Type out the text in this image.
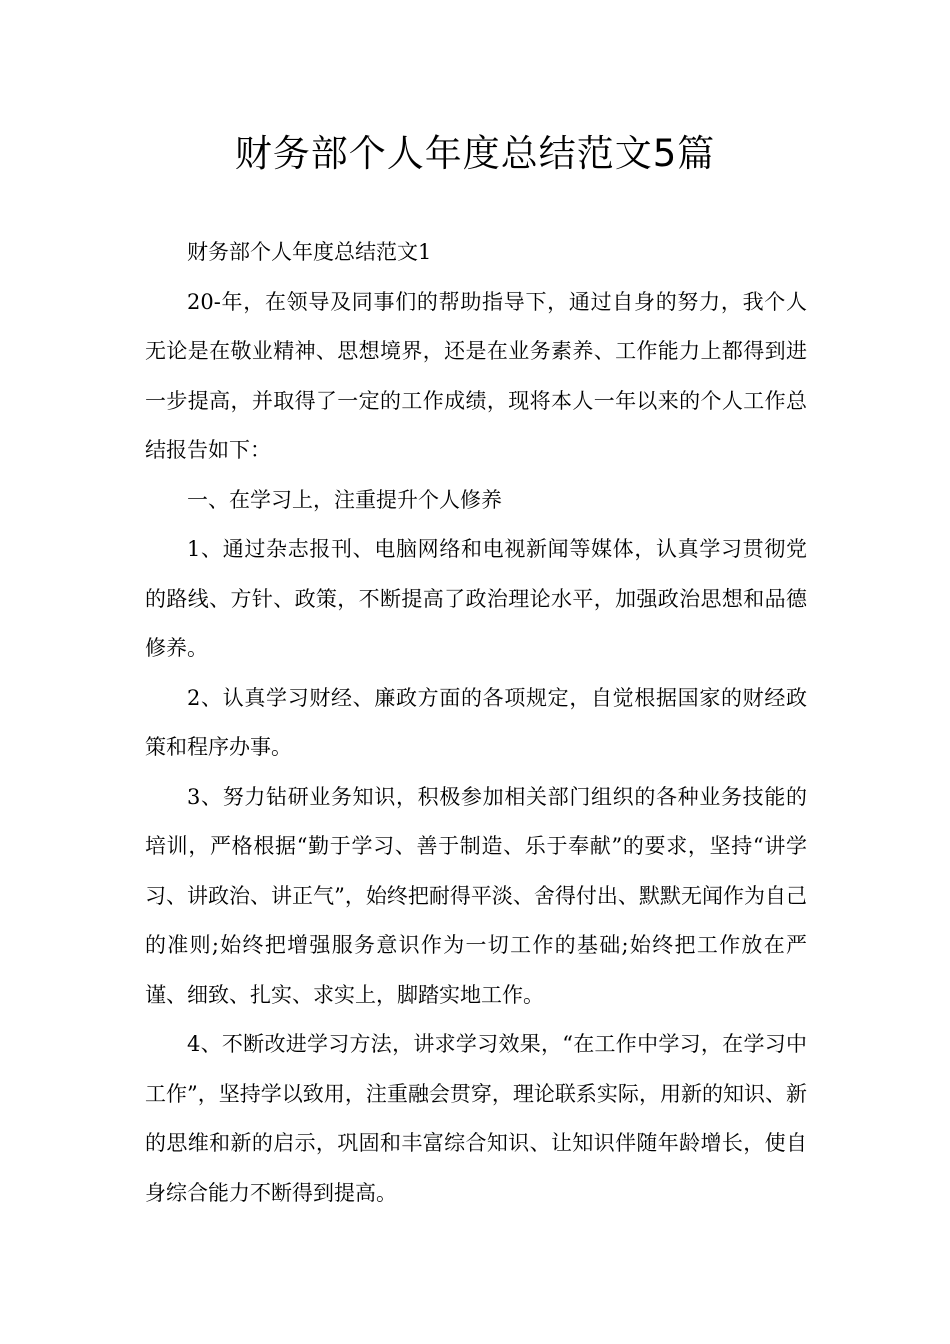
财务部个人年度总结范文5篇

财务部个人年度总结范文1

20-年，在领导及同事们的帮助指导下，通过自身的努力，我个人无论是在敬业精神、思想境界，还是在业务素养、工作能力上都得到进一步提高，并取得了一定的工作成绩，现将本人一年以来的个人工作总结报告如下：

一、在学习上，注重提升个人修养

1、通过杂志报刊、电脑网络和电视新闻等媒体，认真学习贯彻党的路线、方针、政策，不断提高了政治理论水平，加强政治思想和品德修养。

2、认真学习财经、廉政方面的各项规定，自觉根据国家的财经政策和程序办事。

3、努力钻研业务知识，积极参加相关部门组织的各种业务技能的培训，严格根据“勤于学习、善于制造、乐于奉献”的要求，坚持“讲学习、讲政治、讲正气”，始终把耐得平淡、舍得付出、默默无闻作为自己的准则;始终把增强服务意识作为一切工作的基础;始终把工作放在严谨、细致、扎实、求实上，脚踏实地工作。

4、不断改进学习方法，讲求学习效果，“在工作中学习，在学习中工作”，坚持学以致用，注重融会贯穿，理论联系实际，用新的知识、新的思维和新的启示，巩固和丰富综合知识、让知识伴随年龄增长，使自身综合能力不断得到提高。
